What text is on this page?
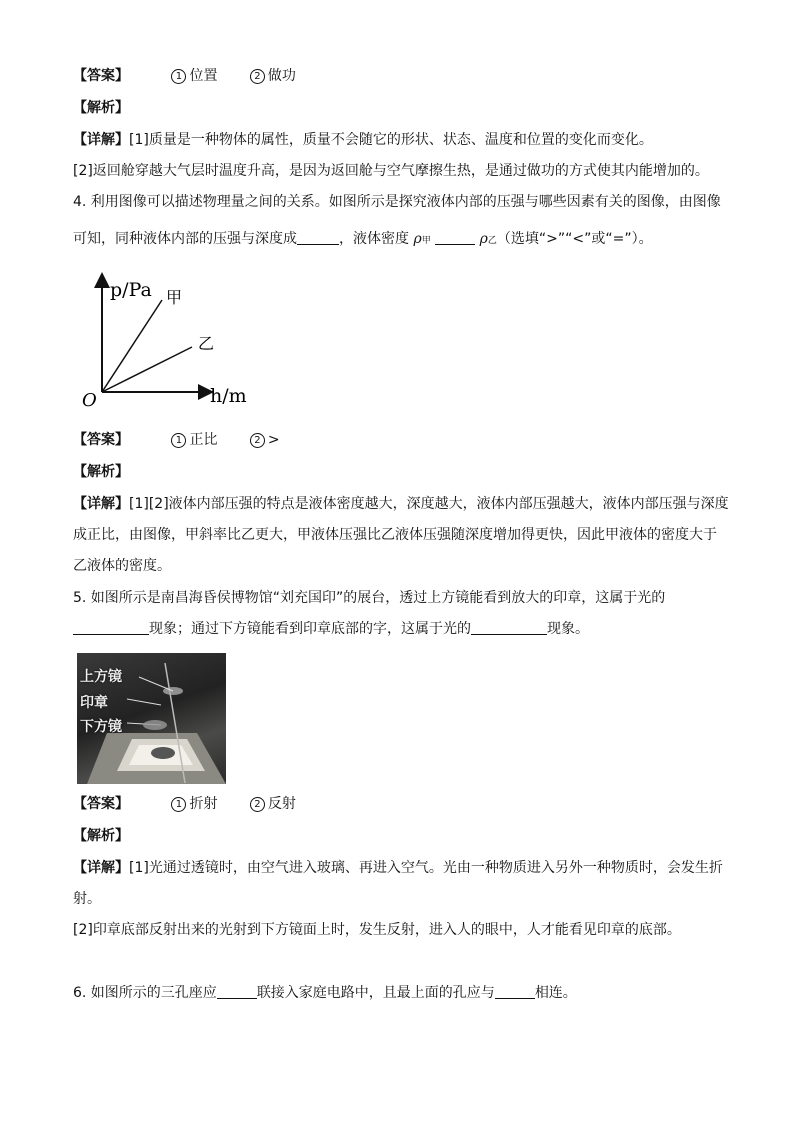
【答案】	1 位置	2 做功
【解析】
【详解】[1]质量是一种物体的属性，质量不会随它的形状、状态、温度和位置的变化而变化。
[2]返回舱穿越大气层时温度升高，是因为返回舱与空气摩擦生热，是通过做功的方式使其内能增加的。
4. 利用图像可以描述物理量之间的关系。如图所示是探究液体内部的压强与哪些因素有关的图像，由图像
可知，同种液体内部的压强与深度成	，液体密度 ρ甲	ρ乙（选填“>”“<”或“=”）。
p/Pa
h/m
O
甲
乙
【答案】	1 正比	2 >
【解析】
【详解】[1][2]液体内部压强的特点是液体密度越大，深度越大，液体内部压强越大，液体内部压强与深度
成正比，由图像，甲斜率比乙更大，甲液体压强比乙液体压强随深度增加得更快，因此甲液体的密度大于
乙液体的密度。
5. 如图所示是南昌海昏侯博物馆“刘充国印”的展台，透过上方镜能看到放大的印章，这属于光的
现象；通过下方镜能看到印章底部的字，这属于光的	现象。
上方镜
印章
下方镜
【答案】	1 折射	2 反射
【解析】
【详解】[1]光通过透镜时，由空气进入玻璃、再进入空气。光由一种物质进入另外一种物质时，会发生折
射。
[2]印章底部反射出来的光射到下方镜面上时，发生反射，进入人的眼中，人才能看见印章的底部。
6. 如图所示的三孔座应	联接入家庭电路中，且最上面的孔应与	相连。
